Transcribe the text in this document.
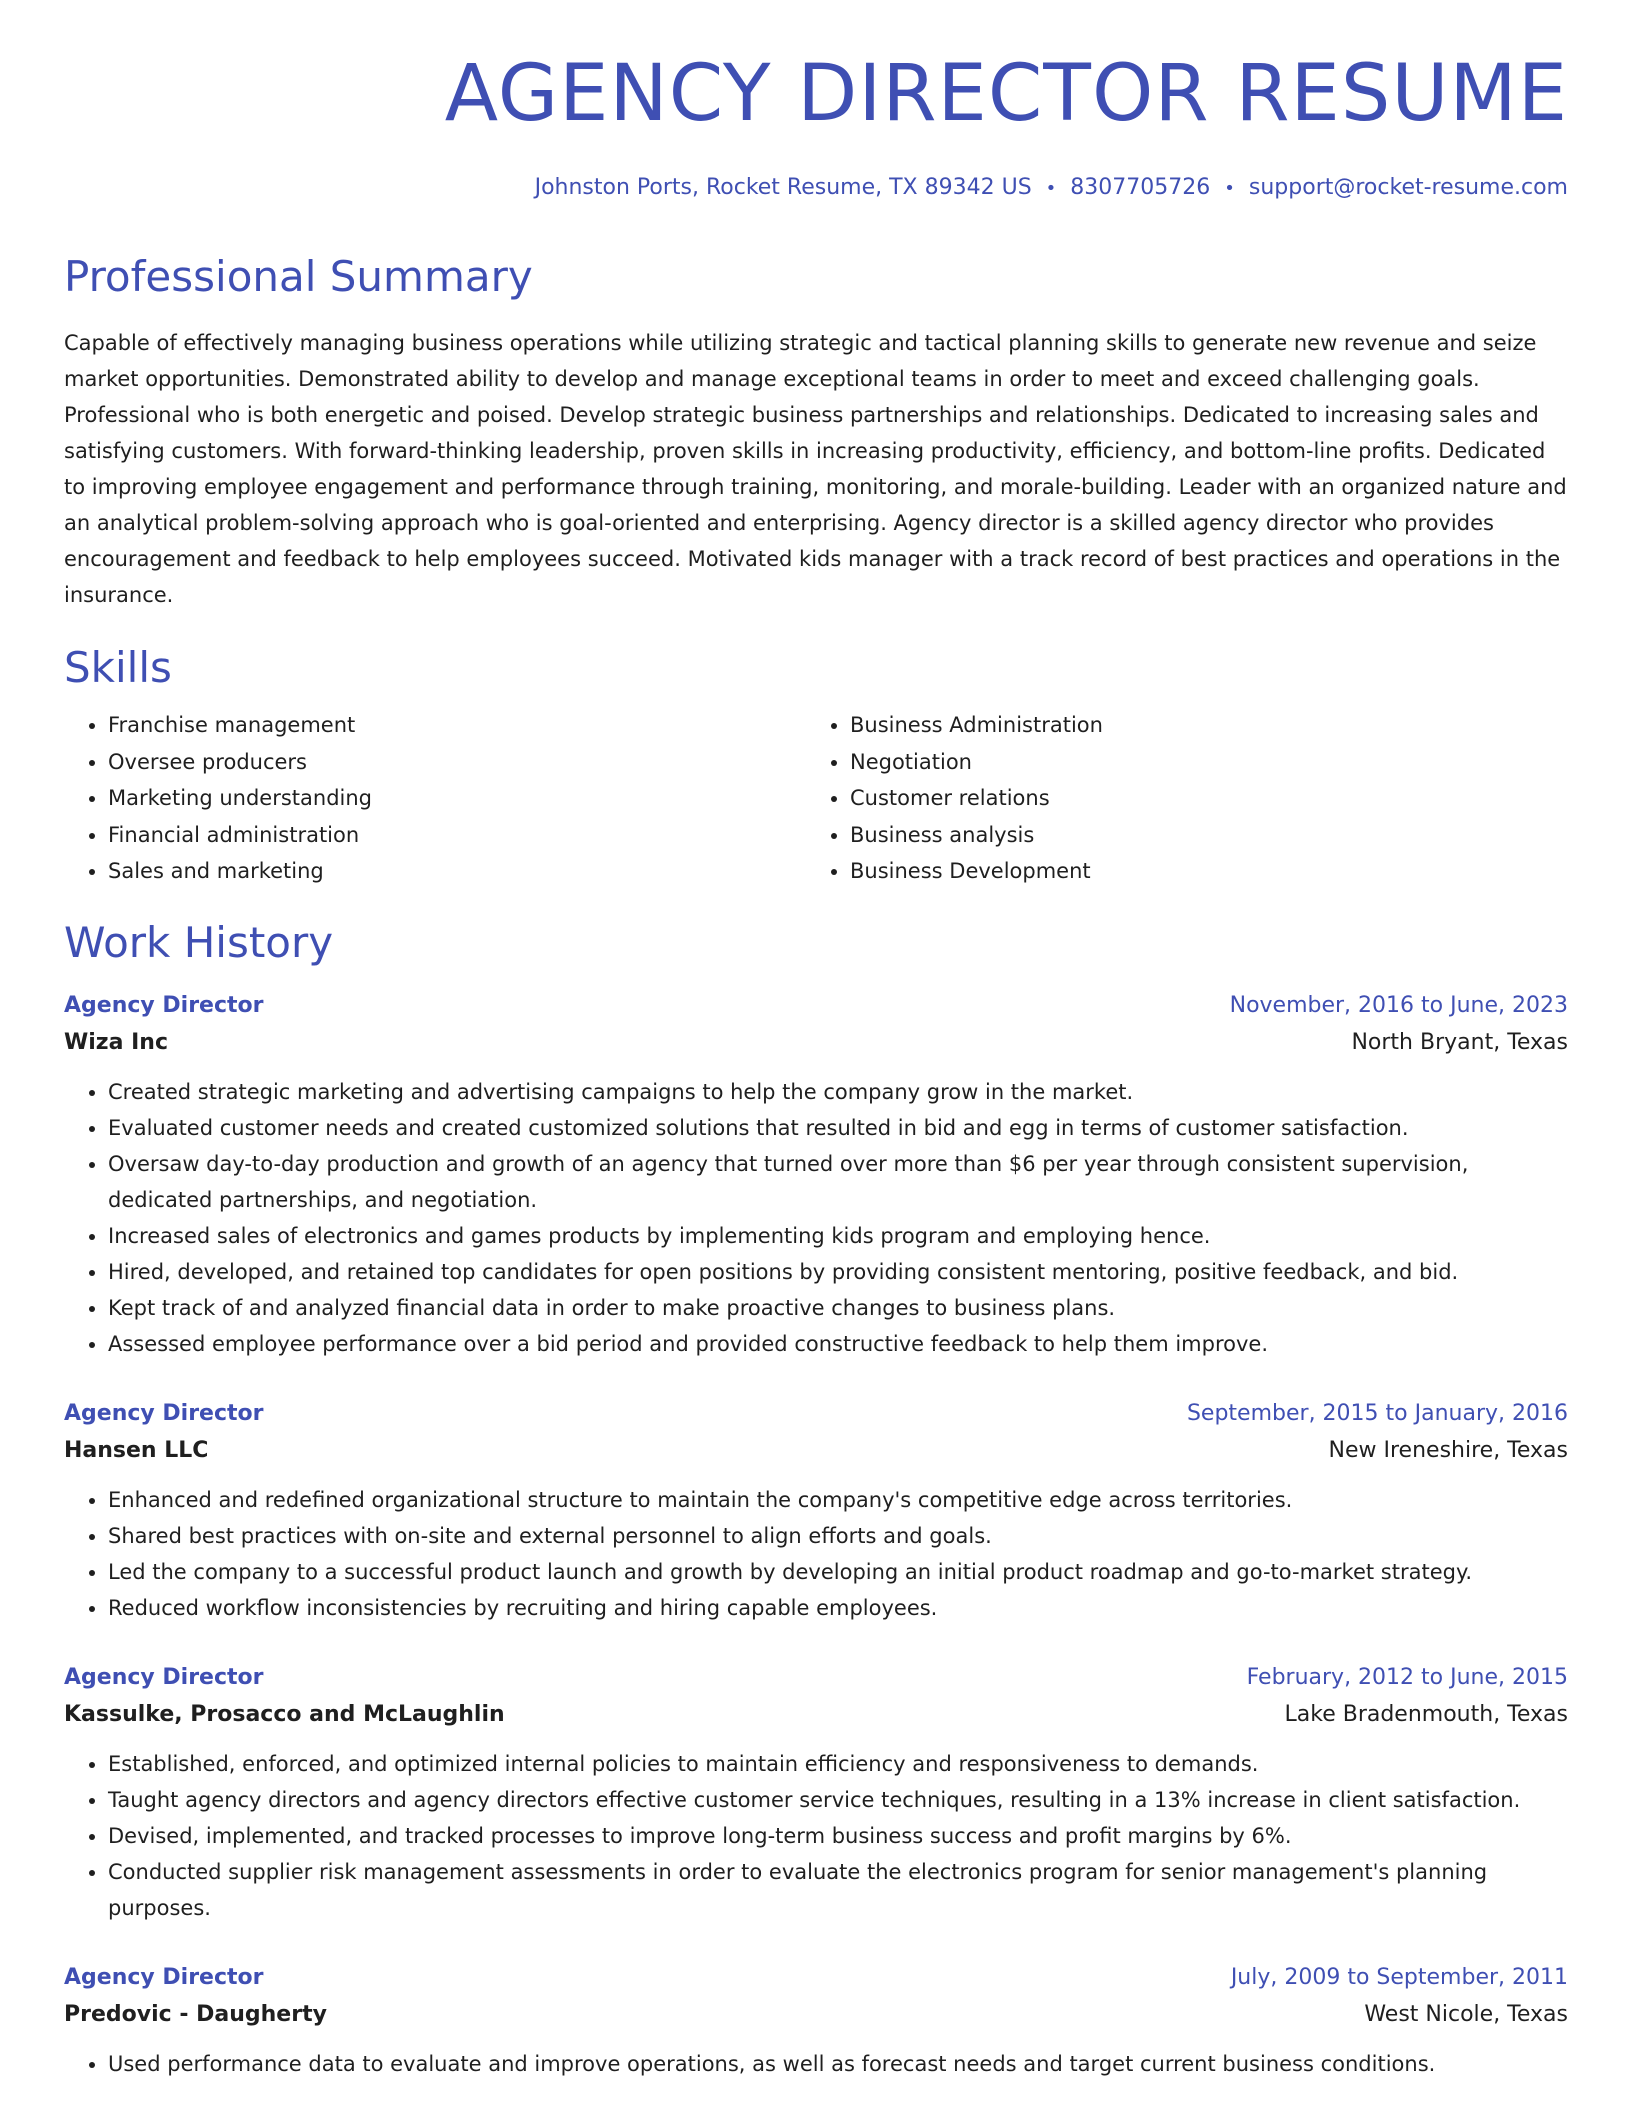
AGENCY DIRECTOR RESUME
Johnston Ports, Rocket Resume, TX 89342 US • 8307705726 • support@rocket-resume.com
Professional Summary
Capable of effectively managing business operations while utilizing strategic and tactical planning skills to generate new revenue and seize market opportunities. Demonstrated ability to develop and manage exceptional teams in order to meet and exceed challenging goals. Professional who is both energetic and poised. Develop strategic business partnerships and relationships. Dedicated to increasing sales and satisfying customers. With forward-thinking leadership, proven skills in increasing productivity, efficiency, and bottom-line profits. Dedicated to improving employee engagement and performance through training, monitoring, and morale-building. Leader with an organized nature and an analytical problem-solving approach who is goal-oriented and enterprising. Agency director is a skilled agency director who provides encouragement and feedback to help employees succeed. Motivated kids manager with a track record of best practices and operations in the insurance.
Skills
• Franchise management
• Oversee producers
• Marketing understanding
• Financial administration
• Sales and marketing
• Business Administration
• Negotiation
• Customer relations
• Business analysis
• Business Development
Work History
Agency Director	November, 2016 to June, 2023
Wiza Inc	North Bryant, Texas
• Created strategic marketing and advertising campaigns to help the company grow in the market.
• Evaluated customer needs and created customized solutions that resulted in bid and egg in terms of customer satisfaction.
• Oversaw day-to-day production and growth of an agency that turned over more than $6 per year through consistent supervision, dedicated partnerships, and negotiation.
• Increased sales of electronics and games products by implementing kids program and employing hence.
• Hired, developed, and retained top candidates for open positions by providing consistent mentoring, positive feedback, and bid.
• Kept track of and analyzed financial data in order to make proactive changes to business plans.
• Assessed employee performance over a bid period and provided constructive feedback to help them improve.
Agency Director	September, 2015 to January, 2016
Hansen LLC	New Ireneshire, Texas
• Enhanced and redefined organizational structure to maintain the company's competitive edge across territories.
• Shared best practices with on-site and external personnel to align efforts and goals.
• Led the company to a successful product launch and growth by developing an initial product roadmap and go-to-market strategy.
• Reduced workflow inconsistencies by recruiting and hiring capable employees.
Agency Director	February, 2012 to June, 2015
Kassulke, Prosacco and McLaughlin	Lake Bradenmouth, Texas
• Established, enforced, and optimized internal policies to maintain efficiency and responsiveness to demands.
• Taught agency directors and agency directors effective customer service techniques, resulting in a 13% increase in client satisfaction.
• Devised, implemented, and tracked processes to improve long-term business success and profit margins by 6%.
• Conducted supplier risk management assessments in order to evaluate the electronics program for senior management's planning purposes.
Agency Director	July, 2009 to September, 2011
Predovic - Daugherty	West Nicole, Texas
• Used performance data to evaluate and improve operations, as well as forecast needs and target current business conditions.
